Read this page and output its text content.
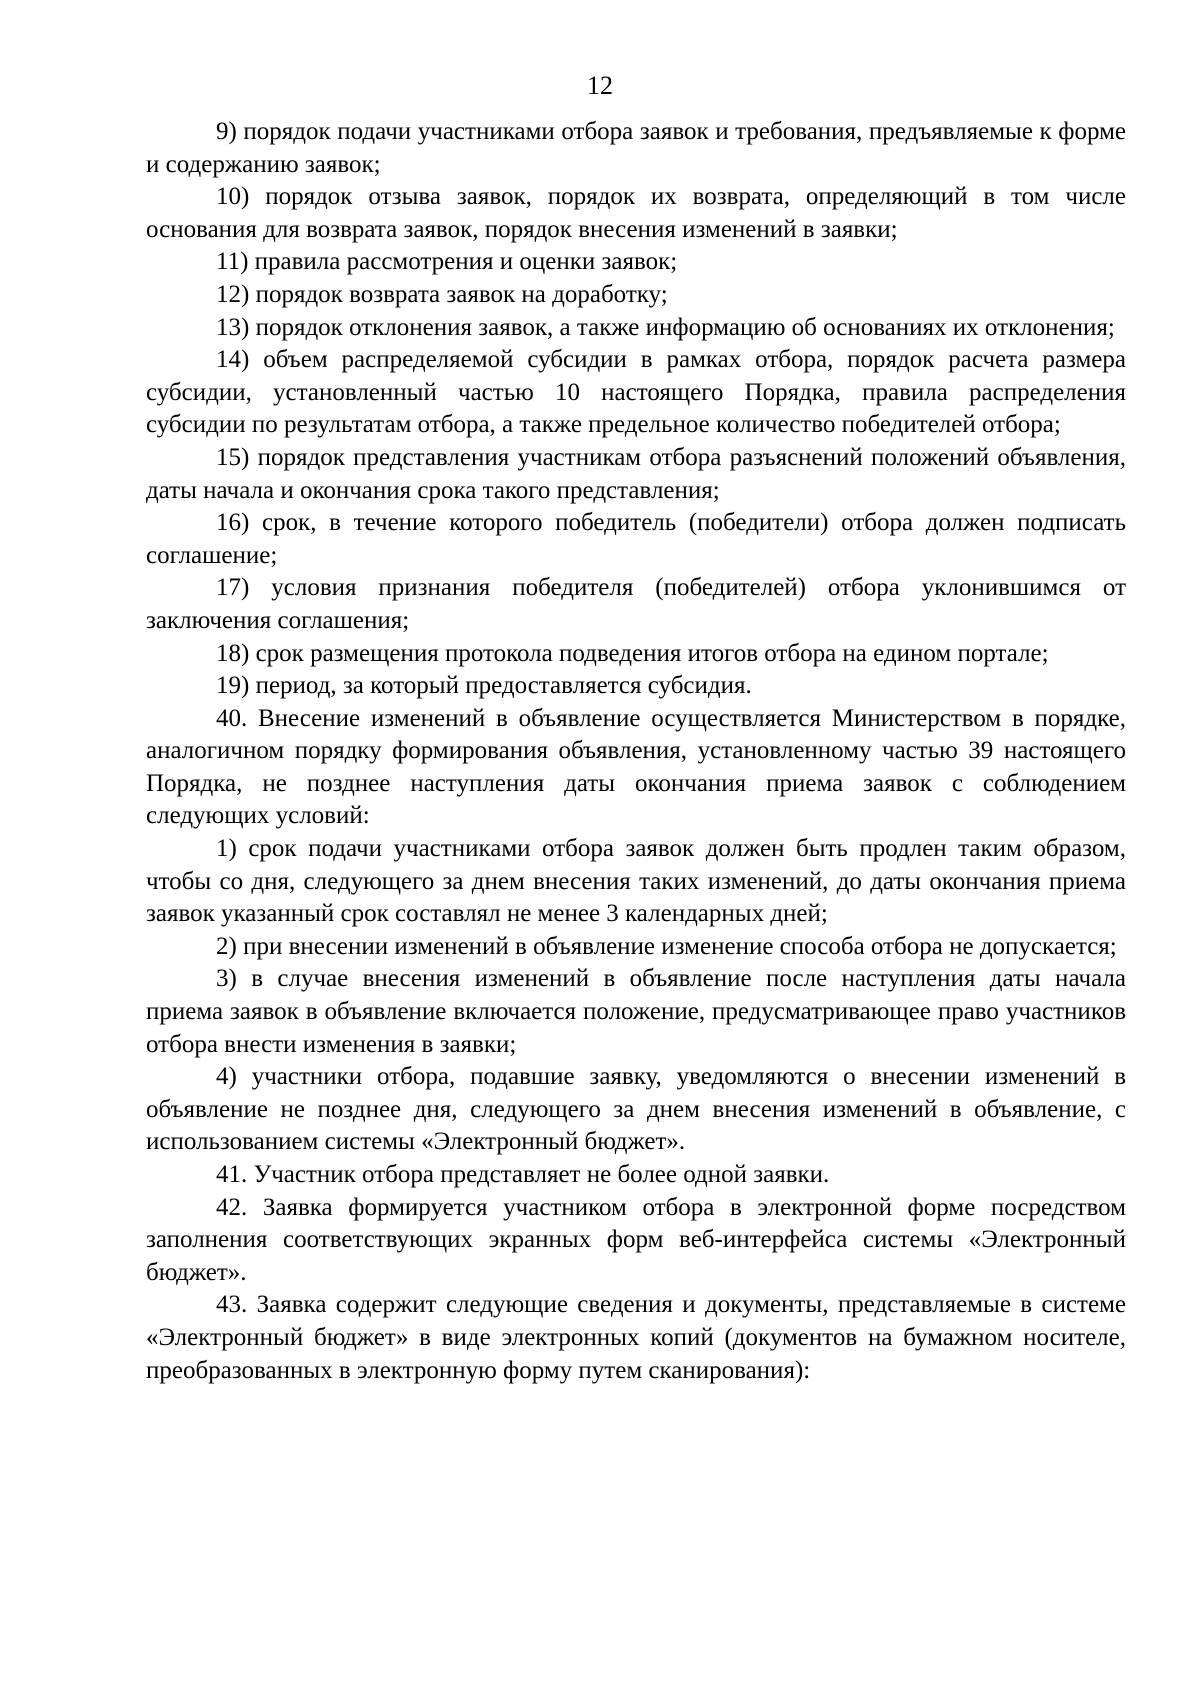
12

9) порядок подачи участниками отбора заявок и требования, предъявляемые к форме и содержанию заявок;

10) порядок отзыва заявок, порядок их возврата, определяющий в том числе основания для возврата заявок, порядок внесения изменений в заявки;

11) правила рассмотрения и оценки заявок;

12) порядок возврата заявок на доработку;

13) порядок отклонения заявок, а также информацию об основаниях их отклонения;

14) объем распределяемой субсидии в рамках отбора, порядок расчета размера субсидии, установленный частью 10 настоящего Порядка, правила распределения субсидии по результатам отбора, а также предельное количество победителей отбора;

15) порядок представления участникам отбора разъяснений положений объявления, даты начала и окончания срока такого представления;

16) срок, в течение которого победитель (победители) отбора должен подписать соглашение;

17) условия признания победителя (победителей) отбора уклонившимся от заключения соглашения;

18) срок размещения протокола подведения итогов отбора на едином портале;

19) период, за который предоставляется субсидия.

40. Внесение изменений в объявление осуществляется Министерством в порядке, аналогичном порядку формирования объявления, установленному частью 39 настоящего Порядка, не позднее наступления даты окончания приема заявок с соблюдением следующих условий:

1) срок подачи участниками отбора заявок должен быть продлен таким образом, чтобы со дня, следующего за днем внесения таких изменений, до даты окончания приема заявок указанный срок составлял не менее 3 календарных дней;

2) при внесении изменений в объявление изменение способа отбора не допускается;

3) в случае внесения изменений в объявление после наступления даты начала приема заявок в объявление включается положение, предусматривающее право участников отбора внести изменения в заявки;

4) участники отбора, подавшие заявку, уведомляются о внесении изменений в объявление не позднее дня, следующего за днем внесения изменений в объявление, с использованием системы «Электронный бюджет».

41. Участник отбора представляет не более одной заявки.

42. Заявка формируется участником отбора в электронной форме посредством заполнения соответствующих экранных форм веб-интерфейса системы «Электронный бюджет».

43. Заявка содержит следующие сведения и документы, представляемые в системе «Электронный бюджет» в виде электронных копий (документов на бумажном носителе, преобразованных в электронную форму путем сканирования):
